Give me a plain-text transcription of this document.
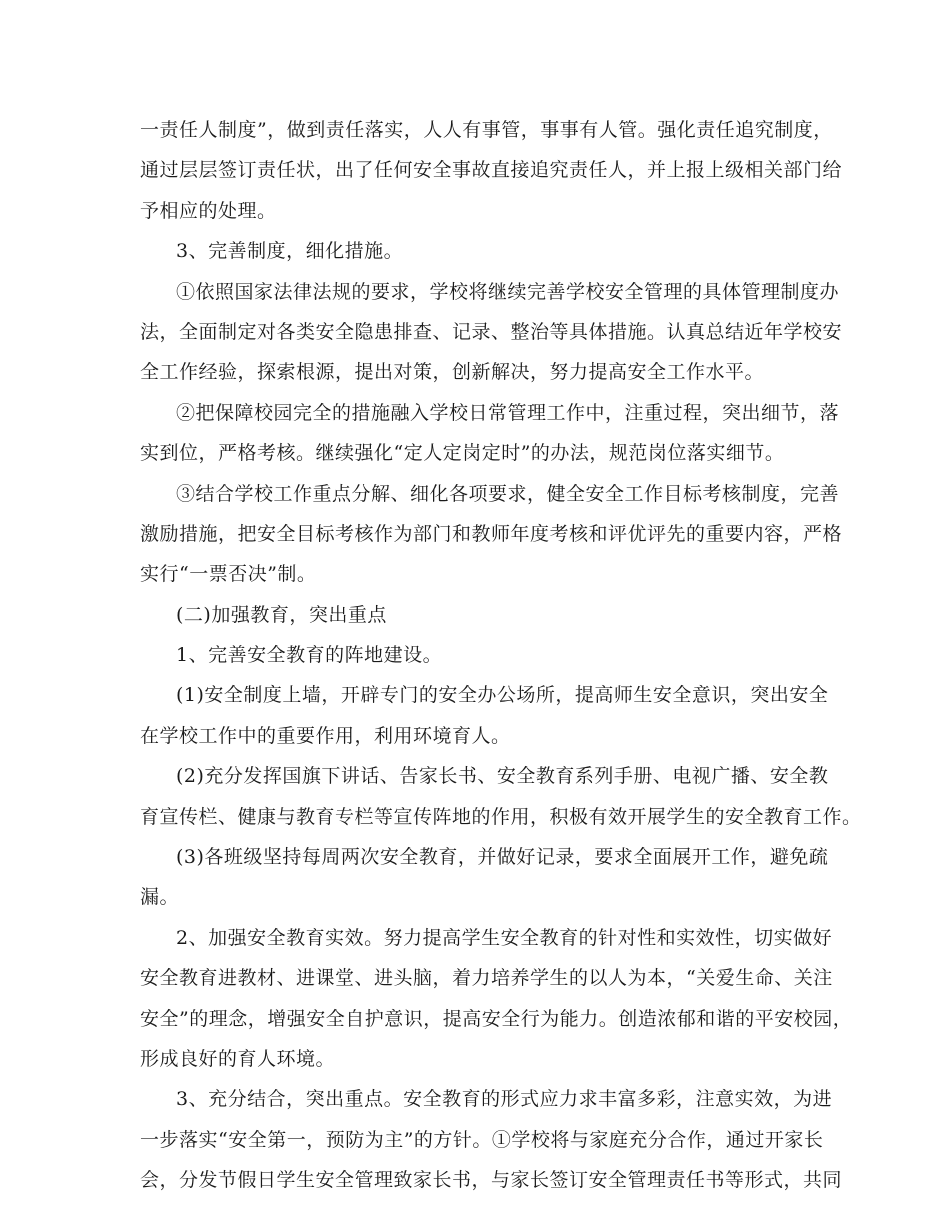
一责任人制度”，做到责任落实，人人有事管，事事有人管。强化责任追究制度，
通过层层签订责任状，出了任何安全事故直接追究责任人，并上报上级相关部门给
予相应的处理。
3、完善制度，细化措施。
①依照国家法律法规的要求，学校将继续完善学校安全管理的具体管理制度办
法，全面制定对各类安全隐患排查、记录、整治等具体措施。认真总结近年学校安
全工作经验，探索根源，提出对策，创新解决，努力提高安全工作水平。
②把保障校园完全的措施融入学校日常管理工作中，注重过程，突出细节，落
实到位，严格考核。继续强化“定人定岗定时”的办法，规范岗位落实细节。
③结合学校工作重点分解、细化各项要求，健全安全工作目标考核制度，完善
激励措施，把安全目标考核作为部门和教师年度考核和评优评先的重要内容，严格
实行“一票否决”制。
(二)加强教育，突出重点
1、完善安全教育的阵地建设。
(1)安全制度上墙，开辟专门的安全办公场所，提高师生安全意识，突出安全
在学校工作中的重要作用，利用环境育人。
(2)充分发挥国旗下讲话、告家长书、安全教育系列手册、电视广播、安全教
育宣传栏、健康与教育专栏等宣传阵地的作用，积极有效开展学生的安全教育工作。
(3)各班级坚持每周两次安全教育，并做好记录，要求全面展开工作，避免疏
漏。
2、加强安全教育实效。努力提高学生安全教育的针对性和实效性，切实做好
安全教育进教材、进课堂、进头脑，着力培养学生的以人为本，“关爱生命、关注
安全”的理念，增强安全自护意识，提高安全行为能力。创造浓郁和谐的平安校园，
形成良好的育人环境。
3、充分结合，突出重点。安全教育的形式应力求丰富多彩，注意实效，为进
一步落实“安全第一，预防为主”的方针。①学校将与家庭充分合作，通过开家长
会，分发节假日学生安全管理致家长书，与家长签订安全管理责任书等形式，共同
